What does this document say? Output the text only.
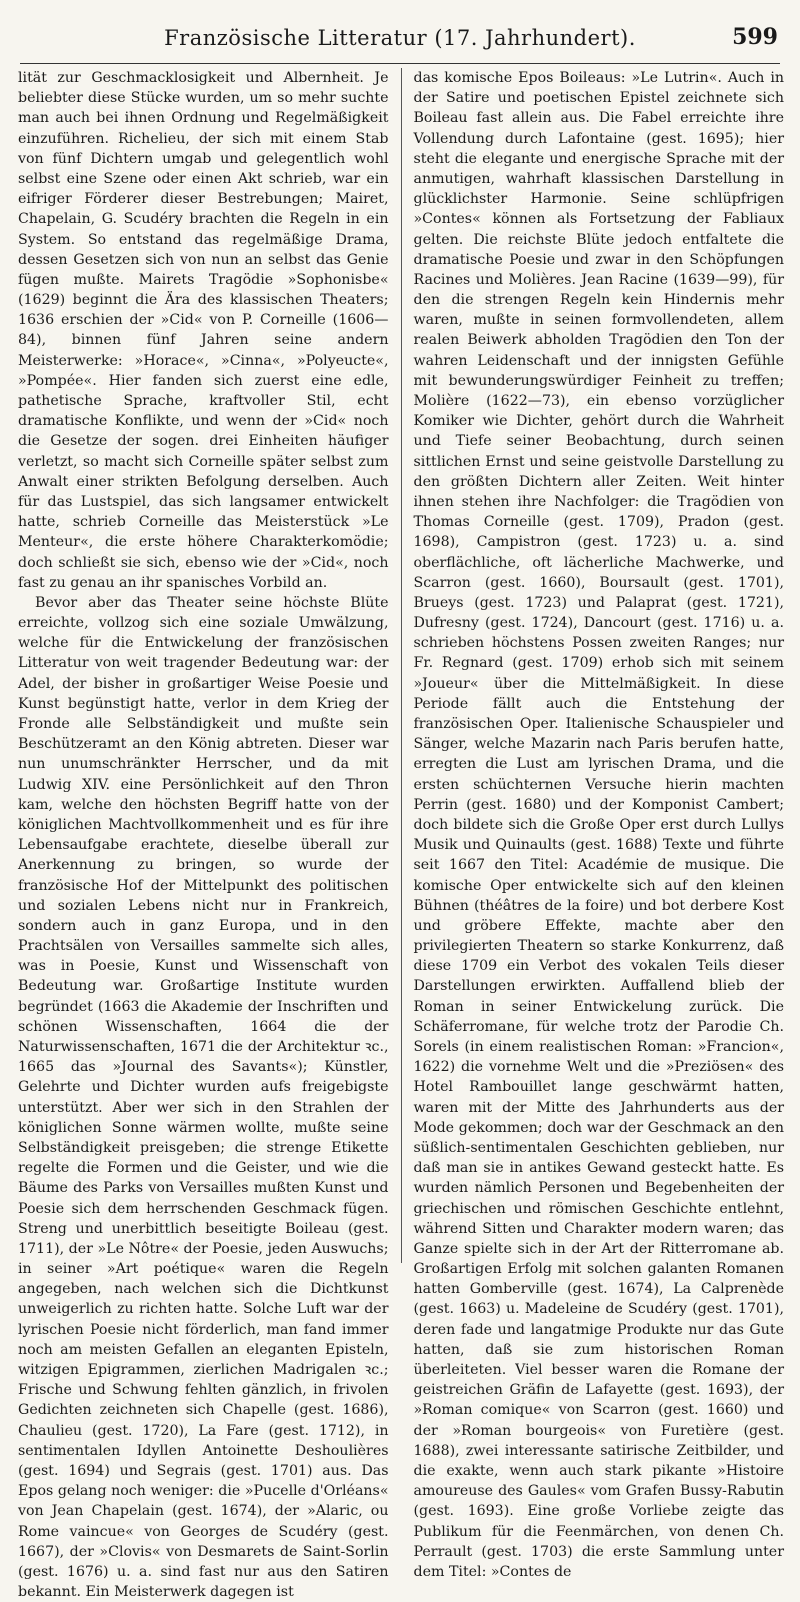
Französische Litteratur (17. Jahrhundert).	599

lität zur Geschmacklosigkeit und Albernheit. Je beliebter diese Stücke wurden, um so mehr suchte man auch bei ihnen Ordnung und Regelmäßigkeit einzuführen. Richelieu, der sich mit einem Stab von fünf Dichtern umgab und gelegentlich wohl selbst eine Szene oder einen Akt schrieb, war ein eifriger Förderer dieser Bestrebungen; Mairet, Chapelain, G. Scudéry brachten die Regeln in ein System. So entstand das regelmäßige Drama, dessen Gesetzen sich von nun an selbst das Genie fügen mußte. Mairets Tragödie »Sophonisbe« (1629) beginnt die Ära des klassischen Theaters; 1636 erschien der »Cid« von P. Corneille (1606—84), binnen fünf Jahren seine andern Meisterwerke: »Horace«, »Cinna«, »Polyeucte«, »Pompée«. Hier fanden sich zuerst eine edle, pathetische Sprache, kraftvoller Stil, echt dramatische Konflikte, und wenn der »Cid« noch die Gesetze der sogen. drei Einheiten häufiger verletzt, so macht sich Corneille später selbst zum Anwalt einer strikten Befolgung derselben. Auch für das Lustspiel, das sich langsamer entwickelt hatte, schrieb Corneille das Meisterstück »Le Menteur«, die erste höhere Charakterkomödie; doch schließt sie sich, ebenso wie der »Cid«, noch fast zu genau an ihr spanisches Vorbild an.

Bevor aber das Theater seine höchste Blüte erreichte, vollzog sich eine soziale Umwälzung, welche für die Entwickelung der französischen Litteratur von weit tragender Bedeutung war: der Adel, der bisher in großartiger Weise Poesie und Kunst begünstigt hatte, verlor in dem Krieg der Fronde alle Selbständigkeit und mußte sein Beschützeramt an den König abtreten. Dieser war nun unumschränkter Herrscher, und da mit Ludwig XIV. eine Persönlichkeit auf den Thron kam, welche den höchsten Begriff hatte von der königlichen Machtvollkommenheit und es für ihre Lebensaufgabe erachtete, dieselbe überall zur Anerkennung zu bringen, so wurde der französische Hof der Mittelpunkt des politischen und sozialen Lebens nicht nur in Frankreich, sondern auch in ganz Europa, und in den Prachtsälen von Versailles sammelte sich alles, was in Poesie, Kunst und Wissenschaft von Bedeutung war. Großartige Institute wurden begründet (1663 die Akademie der Inschriften und schönen Wissenschaften, 1664 die der Naturwissenschaften, 1671 die der Architektur ꝛc., 1665 das »Journal des Savants«); Künstler, Gelehrte und Dichter wurden aufs freigebigste unterstützt. Aber wer sich in den Strahlen der königlichen Sonne wärmen wollte, mußte seine Selbständigkeit preisgeben; die strenge Etikette regelte die Formen und die Geister, und wie die Bäume des Parks von Versailles mußten Kunst und Poesie sich dem herrschenden Geschmack fügen. Streng und unerbittlich beseitigte Boileau (gest. 1711), der »Le Nôtre« der Poesie, jeden Auswuchs; in seiner »Art poétique« waren die Regeln angegeben, nach welchen sich die Dichtkunst unweigerlich zu richten hatte. Solche Luft war der lyrischen Poesie nicht förderlich, man fand immer noch am meisten Gefallen an eleganten Episteln, witzigen Epigrammen, zierlichen Madrigalen ꝛc.; Frische und Schwung fehlten gänzlich, in frivolen Gedichten zeichneten sich Chapelle (gest. 1686), Chaulieu (gest. 1720), La Fare (gest. 1712), in sentimentalen Idyllen Antoinette Deshoulières (gest. 1694) und Segrais (gest. 1701) aus. Das Epos gelang noch weniger: die »Pucelle d'Orléans« von Jean Chapelain (gest. 1674), der »Alaric, ou Rome vaincue« von Georges de Scudéry (gest. 1667), der »Clovis« von Desmarets de Saint-Sorlin (gest. 1676) u. a. sind fast nur aus den Satiren bekannt. Ein Meisterwerk dagegen ist

das komische Epos Boileaus: »Le Lutrin«. Auch in der Satire und poetischen Epistel zeichnete sich Boileau fast allein aus. Die Fabel erreichte ihre Vollendung durch Lafontaine (gest. 1695); hier steht die elegante und energische Sprache mit der anmutigen, wahrhaft klassischen Darstellung in glücklichster Harmonie. Seine schlüpfrigen »Contes« können als Fortsetzung der Fabliaux gelten. Die reichste Blüte jedoch entfaltete die dramatische Poesie und zwar in den Schöpfungen Racines und Molières. Jean Racine (1639—99), für den die strengen Regeln kein Hindernis mehr waren, mußte in seinen formvollendeten, allem realen Beiwerk abholden Tragödien den Ton der wahren Leidenschaft und der innigsten Gefühle mit bewunderungswürdiger Feinheit zu treffen; Molière (1622—73), ein ebenso vorzüglicher Komiker wie Dichter, gehört durch die Wahrheit und Tiefe seiner Beobachtung, durch seinen sittlichen Ernst und seine geistvolle Darstellung zu den größten Dichtern aller Zeiten. Weit hinter ihnen stehen ihre Nachfolger: die Tragödien von Thomas Corneille (gest. 1709), Pradon (gest. 1698), Campistron (gest. 1723) u. a. sind oberflächliche, oft lächerliche Machwerke, und Scarron (gest. 1660), Boursault (gest. 1701), Brueys (gest. 1723) und Palaprat (gest. 1721), Dufresny (gest. 1724), Dancourt (gest. 1716) u. a. schrieben höchstens Possen zweiten Ranges; nur Fr. Regnard (gest. 1709) erhob sich mit seinem »Joueur« über die Mittelmäßigkeit. In diese Periode fällt auch die Entstehung der französischen Oper. Italienische Schauspieler und Sänger, welche Mazarin nach Paris berufen hatte, erregten die Lust am lyrischen Drama, und die ersten schüchternen Versuche hierin machten Perrin (gest. 1680) und der Komponist Cambert; doch bildete sich die Große Oper erst durch Lullys Musik und Quinaults (gest. 1688) Texte und führte seit 1667 den Titel: Académie de musique. Die komische Oper entwickelte sich auf den kleinen Bühnen (théâtres de la foire) und bot derbere Kost und gröbere Effekte, machte aber den privilegierten Theatern so starke Konkurrenz, daß diese 1709 ein Verbot des vokalen Teils dieser Darstellungen erwirkten. Auffallend blieb der Roman in seiner Entwickelung zurück. Die Schäferromane, für welche trotz der Parodie Ch. Sorels (in einem realistischen Roman: »Francion«, 1622) die vornehme Welt und die »Preziösen« des Hotel Rambouillet lange geschwärmt hatten, waren mit der Mitte des Jahrhunderts aus der Mode gekommen; doch war der Geschmack an den süßlich-sentimentalen Geschichten geblieben, nur daß man sie in antikes Gewand gesteckt hatte. Es wurden nämlich Personen und Begebenheiten der griechischen und römischen Geschichte entlehnt, während Sitten und Charakter modern waren; das Ganze spielte sich in der Art der Ritterromane ab. Großartigen Erfolg mit solchen galanten Romanen hatten Gomberville (gest. 1674), La Calprenède (gest. 1663) u. Madeleine de Scudéry (gest. 1701), deren fade und langatmige Produkte nur das Gute hatten, daß sie zum historischen Roman überleiteten. Viel besser waren die Romane der geistreichen Gräfin de Lafayette (gest. 1693), der »Roman comique« von Scarron (gest. 1660) und der »Roman bourgeois« von Furetière (gest. 1688), zwei interessante satirische Zeitbilder, und die exakte, wenn auch stark pikante »Histoire amoureuse des Gaules« vom Grafen Bussy-Rabutin (gest. 1693). Eine große Vorliebe zeigte das Publikum für die Feenmärchen, von denen Ch. Perrault (gest. 1703) die erste Sammlung unter dem Titel: »Contes de
